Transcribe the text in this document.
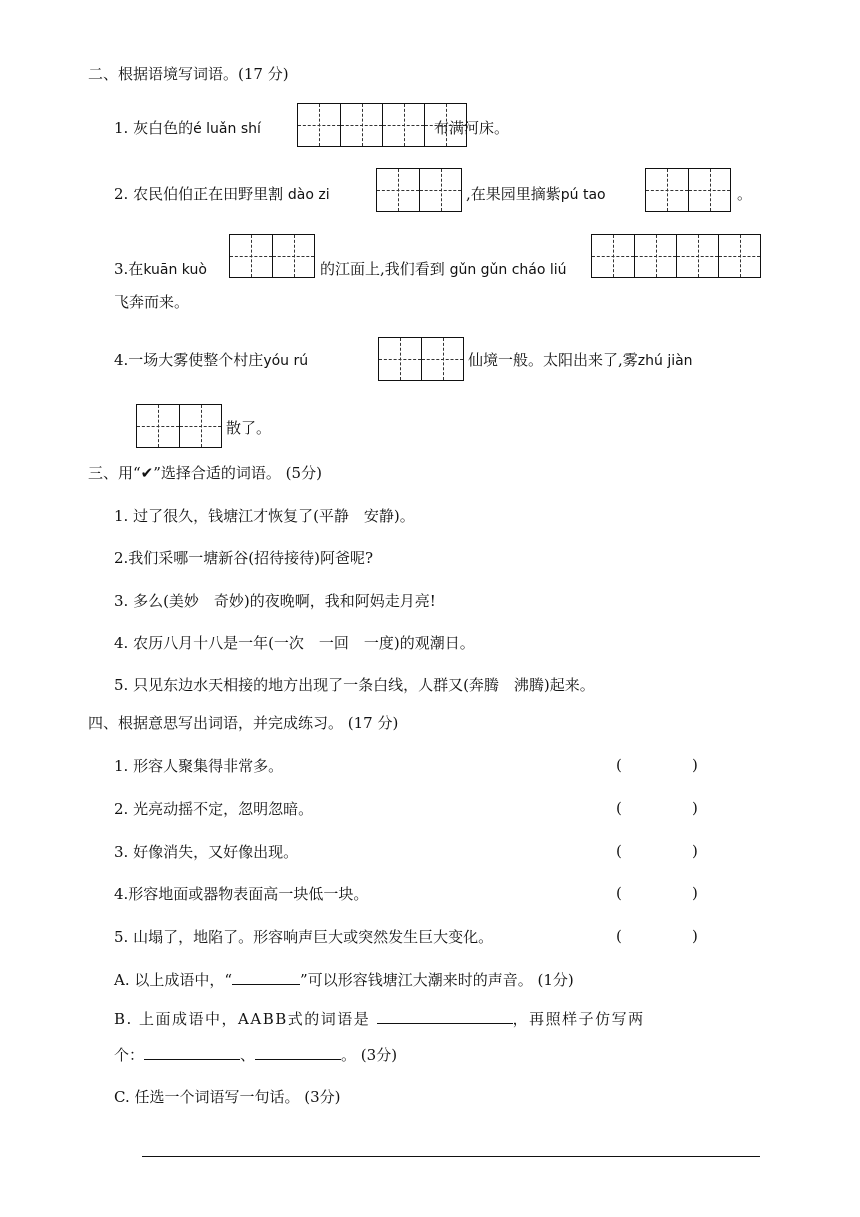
二、根据语境写词语。(17 分)
1. 灰白色的é luǎn shí	布满河床。
2. 农民伯伯正在田野里割 dào zi	,在果园里摘紫pú tao	。
3.在kuān kuò	的江面上,我们看到 gǔn gǔn cháo liú
飞奔而来。
4.一场大雾使整个村庄yóu rú	仙境一般。太阳出来了,雾zhú jiàn
散了。
三、用“✔”选择合适的词语。 (5分)
1. 过了很久，钱塘江才恢复了(平静　安静)。
2.我们采哪一塘新谷(招待接待)阿爸呢?
3. 多么(美妙　奇妙)的夜晚啊，我和阿妈走月亮!
4. 农历八月十八是一年(一次　一回　一度)的观潮日。
5. 只见东边水天相接的地方出现了一条白线，人群又(奔腾　沸腾)起来。
四、根据意思写出词语，并完成练习。 (17 分)
1. 形容人聚集得非常多。	(	)
2. 光亮动摇不定，忽明忽暗。	(	)
3. 好像消失，又好像出现。	(	)
4.形容地面或器物表面高一块低一块。	(	)
5. 山塌了，地陷了。形容响声巨大或突然发生巨大变化。	(	)
A. 以上成语中，“	”可以形容钱塘江大潮来时的声音。 (1分)
B. 上面成语中，AABB式的词语是	，再照样子仿写两
个：	、	。 (3分)
C. 任选一个词语写一句话。 (3分)
